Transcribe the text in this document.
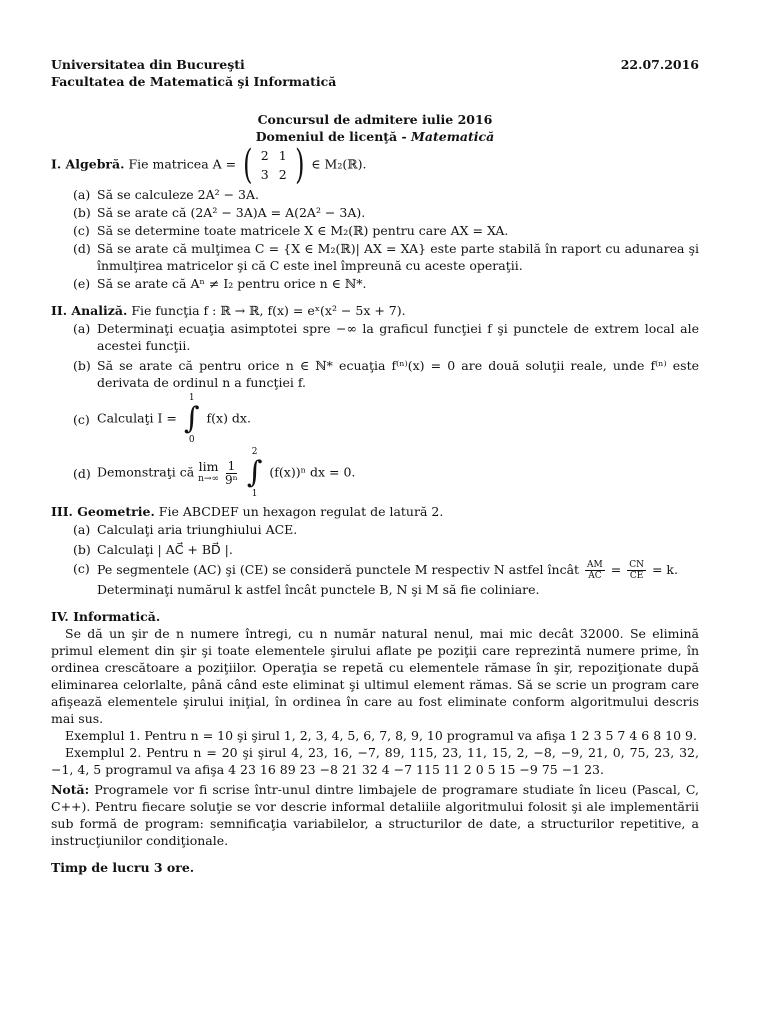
Universitatea din Bucureşti
Facultatea de Matematică şi Informatică
22.07.2016
Concursul de admitere iulie 2016
Domeniul de licenţă - Matematică
I. Algebră. Fie matricea A = ( 2 1
3 2 ) ∈ M₂(ℝ).
(a) Să se calculeze 2A² − 3A.
(b) Să se arate că (2A² − 3A)A = A(2A² − 3A).
(c) Să se determine toate matricele X ∈ M₂(ℝ) pentru care AX = XA.
(d) Să se arate că mulţimea C = {X ∈ M₂(ℝ)| AX = XA} este parte stabilă în raport cu adunarea şi înmulţirea matricelor şi că C este inel împreună cu aceste operaţii.
(e) Să se arate că Aⁿ ≠ I₂ pentru orice n ∈ ℕ*.
II. Analiză. Fie funcţia f : ℝ → ℝ, f(x) = eˣ(x² − 5x + 7).
(a) Determinaţi ecuaţia asimptotei spre −∞ la graficul funcţiei f şi punctele de extrem local ale acestei funcţii.
(b) Să se arate că pentru orice n ∈ ℕ* ecuaţia f⁽ⁿ⁾(x) = 0 are două soluţii reale, unde f⁽ⁿ⁾ este derivata de ordinul n a funcţiei f.
(c) Calculaţi I =
1
∫
0
f(x) dx.
(d) Demonstraţi că lim
n→∞
$\frac{1}{\text{9ⁿ}}$

2
∫
1
(f(x))ⁿ dx = 0.
III. Geometrie. Fie ABCDEF un hexagon regulat de latură 2.
(a) Calculaţi aria triunghiului ACE.
(b) Calculaţi | AC⃗ + BD⃗ |.
(c) Pe segmentele (AC) şi (CE) se consideră punctele M respectiv N astfel încât $\frac{AM}{AC} = \frac{CN}{CE} = k$.
Determinaţi numărul k astfel încât punctele B, N şi M să fie coliniare.
IV. Informatică.
Se dă un şir de n numere întregi, cu n număr natural nenul, mai mic decât 32000. Se elimină primul element din şir şi toate elementele şirului aflate pe poziţii care reprezintă numere prime, în ordinea crescătoare a poziţiilor. Operaţia se repetă cu elementele rămase în şir, repoziţionate după eliminarea celorlalte, până când este eliminat şi ultimul element rămas. Să se scrie un program care afişează elementele şirului iniţial, în ordinea în care au fost eliminate conform algoritmului descris mai sus.
Exemplul 1. Pentru n = 10 şi şirul 1, 2, 3, 4, 5, 6, 7, 8, 9, 10 programul va afişa 1 2 3 5 7 4 6 8 10 9.
Exemplul 2. Pentru n = 20 şi şirul 4, 23, 16, −7, 89, 115, 23, 11, 15, 2, −8, −9, 21, 0, 75, 23, 32, −1, 4, 5 programul va afişa 4 23 16 89 23 −8 21 32 4 −7 115 11 2 0 5 15 −9 75 −1 23.
Notă: Programele vor fi scrise într-unul dintre limbajele de programare studiate în liceu (Pascal, C, C++). Pentru fiecare soluţie se vor descrie informal detaliile algoritmului folosit şi ale implementării sub formă de program: semnificaţia variabilelor, a structurilor de date, a structurilor repetitive, a instrucţiunilor condiţionale.
Timp de lucru 3 ore.
